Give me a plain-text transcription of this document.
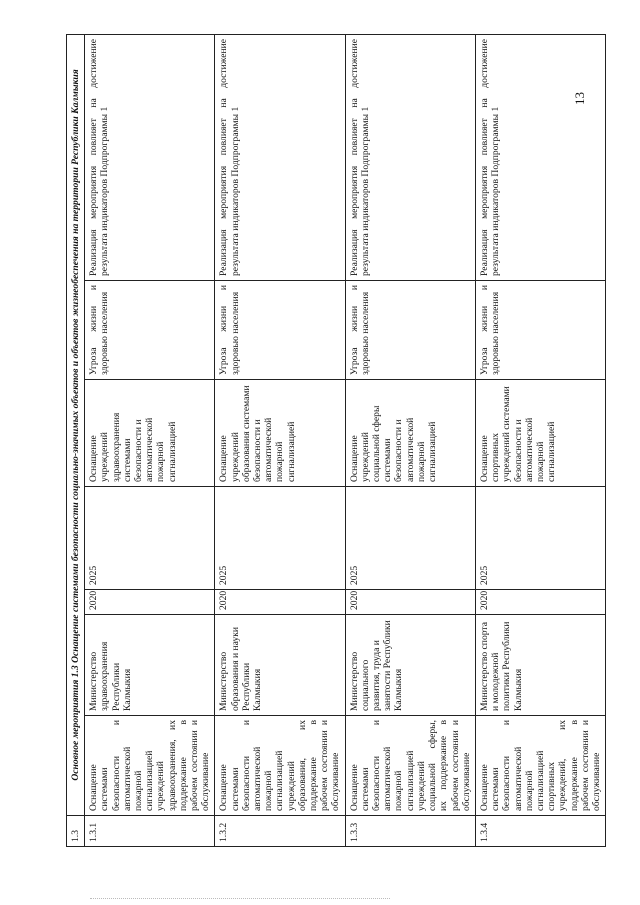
1.3	Основное мероприятия 1.3 Оснащение системами безопасности социально-значимых объектов и объектов жизнеобеспечения на территории Республики Калмыкия						
1.3.1	Оснащение системами безопасности и автоматической пожарной сигнализацией учреждений здравоохранения, их поддержание в рабочем состоянии и обслуживание	Министерство здравоохранения Республики Калмыкия	2020	2025	Оснащение учреждений здравоохранения системами безопасности и автоматической пожарной сигнализацией	Угроза жизни и здоровью населения	Реализация мероприятия повлияет на достижение результата индикаторов Подпрограммы 1
1.3.2	Оснащение системами безопасности и автоматической пожарной сигнализацией учреждений образования, их поддержание в рабочем состоянии и обслуживание	Министерство образования и науки Республики Калмыкия	2020	2025	Оснащение учреждений образования системами безопасности и автоматической пожарной сигнализацией	Угроза жизни и здоровью населения	Реализация мероприятия повлияет на достижение результата индикаторов Подпрограммы 1
1.3.3	Оснащение системами безопасности и автоматической пожарной сигнализацией учреждений социальной сферы, их поддержание в рабочем состоянии и обслуживание	Министерство социального развития, труда и занятости Республики Калмыкия	2020	2025	Оснащение учреждений социальной сферы системами безопасности и автоматической пожарной сигнализацией	Угроза жизни и здоровью населения	Реализация мероприятия повлияет на достижение результата индикаторов Подпрограммы 1
1.3.4	Оснащение системами безопасности и автоматической пожарной сигнализацией спортивных учреждений, их поддержание в рабочем состоянии и обслуживание	Министерство спорта и молодежной политики Республики Калмыкия	2020	2025	Оснащение спортивных учреждений системами безопасности и автоматической пожарной сигнализацией	Угроза жизни и здоровью населения	Реализация мероприятия повлияет на достижение результата индикаторов Подпрограммы 1
13
